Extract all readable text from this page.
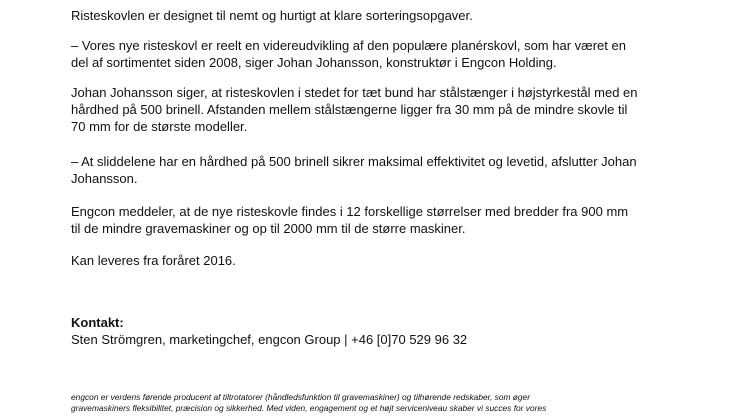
Risteskovlen er designet til nemt og hurtigt at klare sorteringsopgaver.

– Vores nye risteskovl er reelt en videreudvikling af den populære planérskovl, som har været en
del af sortimentet siden 2008, siger Johan Johansson, konstruktør i Engcon Holding.

Johan Johansson siger, at risteskovlen i stedet for tæt bund har stålstænger i højstyrkestål med en
hårdhed på 500 brinell. Afstanden mellem stålstængerne ligger fra 30 mm på de mindre skovle til
70 mm for de største modeller.

– At sliddelene har en hårdhed på 500 brinell sikrer maksimal effektivitet og levetid, afslutter Johan
Johansson.

Engcon meddeler, at de nye risteskovle findes i 12 forskellige størrelser med bredder fra 900 mm
til de mindre gravemaskiner og op til 2000 mm til de større maskiner.

Kan leveres fra foråret 2016.

Kontakt:

Sten Strömgren, marketingchef, engcon Group | +46 [0]70 529 96 32

engcon er verdens førende producent af tiltrotatorer (håndledsfunktion til gravemaskiner) og tilhørende redskaber, som øger
gravemaskiners fleksibilitet, præcision og sikkerhed. Med viden, engagement og et højt serviceniveau skaber vi succes for vores
